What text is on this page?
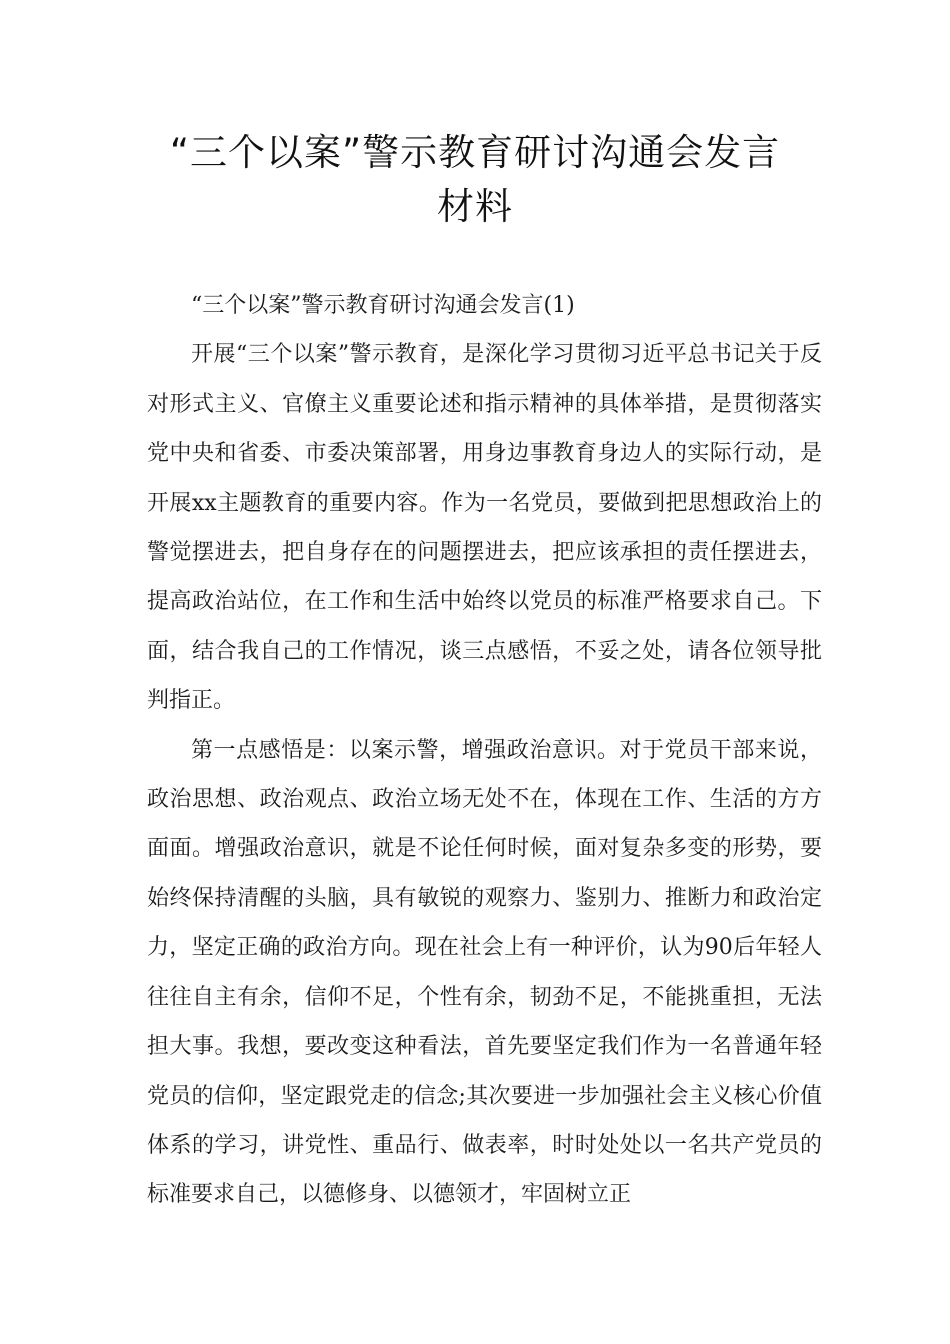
“三个以案”警示教育研讨沟通会发言
材料

“三个以案”警示教育研讨沟通会发言(1)

开展“三个以案”警示教育，是深化学习贯彻习近平总书记关于反对形式主义、官僚主义重要论述和指示精神的具体举措，是贯彻落实党中央和省委、市委决策部署，用身边事教育身边人的实际行动，是开展xx主题教育的重要内容。作为一名党员，要做到把思想政治上的警觉摆进去，把自身存在的问题摆进去，把应该承担的责任摆进去，提高政治站位，在工作和生活中始终以党员的标准严格要求自己。下面，结合我自己的工作情况，谈三点感悟，不妥之处，请各位领导批判指正。

第一点感悟是：以案示警，增强政治意识。对于党员干部来说，政治思想、政治观点、政治立场无处不在，体现在工作、生活的方方面面。增强政治意识，就是不论任何时候，面对复杂多变的形势，要始终保持清醒的头脑，具有敏锐的观察力、鉴别力、推断力和政治定力，坚定正确的政治方向。现在社会上有一种评价，认为90后年轻人往往自主有余，信仰不足，个性有余，韧劲不足，不能挑重担，无法担大事。我想，要改变这种看法，首先要坚定我们作为一名普通年轻党员的信仰，坚定跟党走的信念;其次要进一步加强社会主义核心价值体系的学习，讲党性、重品行、做表率，时时处处以一名共产党员的标准要求自己，以德修身、以德领才，牢固树立正
